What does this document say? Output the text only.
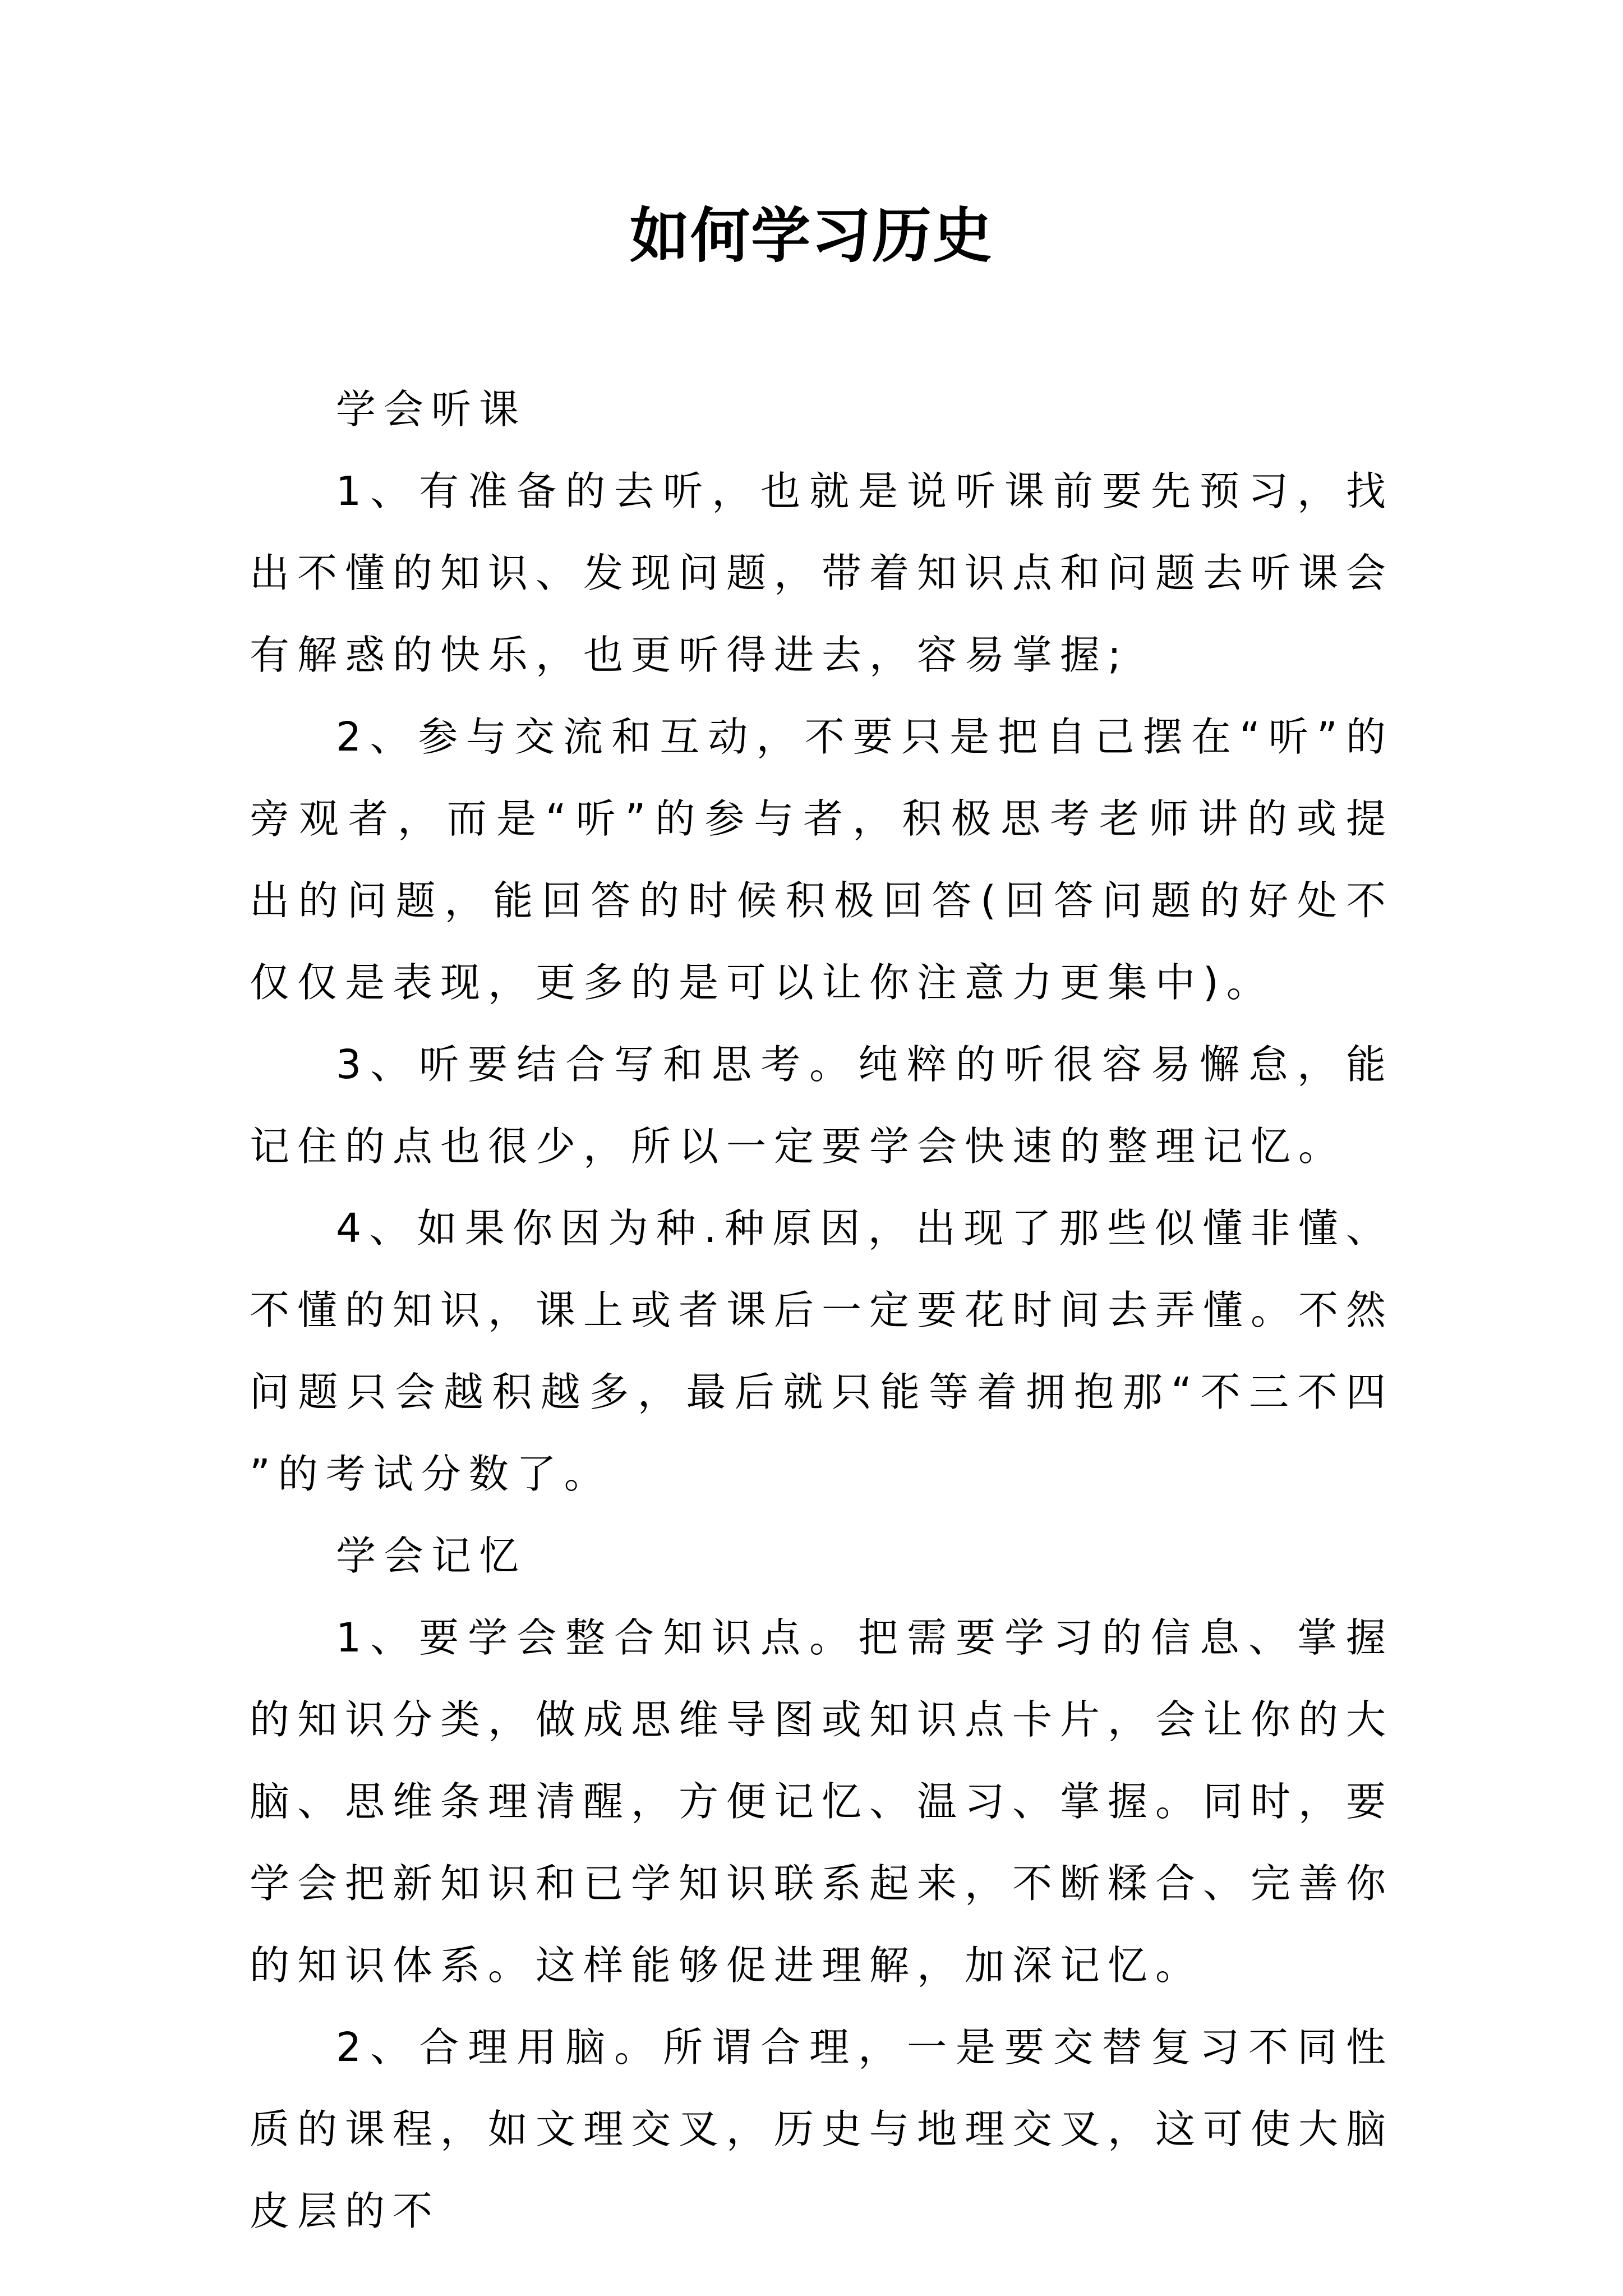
如何学习历史

学会听课

1、有准备的去听，也就是说听课前要先预习，找出不懂的知识、发现问题，带着知识点和问题去听课会有解惑的快乐，也更听得进去，容易掌握;

2、参与交流和互动，不要只是把自己摆在“听”的旁观者，而是“听”的参与者，积极思考老师讲的或提出的问题，能回答的时候积极回答(回答问题的好处不仅仅是表现，更多的是可以让你注意力更集中)。

3、听要结合写和思考。纯粹的听很容易懈怠，能记住的点也很少，所以一定要学会快速的整理记忆。

4、如果你因为种.种原因，出现了那些似懂非懂、不懂的知识，课上或者课后一定要花时间去弄懂。不然问题只会越积越多，最后就只能等着拥抱那“不三不四”的考试分数了。

学会记忆

1、要学会整合知识点。把需要学习的信息、掌握的知识分类，做成思维导图或知识点卡片，会让你的大脑、思维条理清醒，方便记忆、温习、掌握。同时，要学会把新知识和已学知识联系起来，不断糅合、完善你的知识体系。这样能够促进理解，加深记忆。

2、合理用脑。所谓合理，一是要交替复习不同性质的课程，如文理交叉，历史与地理交叉，这可使大脑皮层的不
